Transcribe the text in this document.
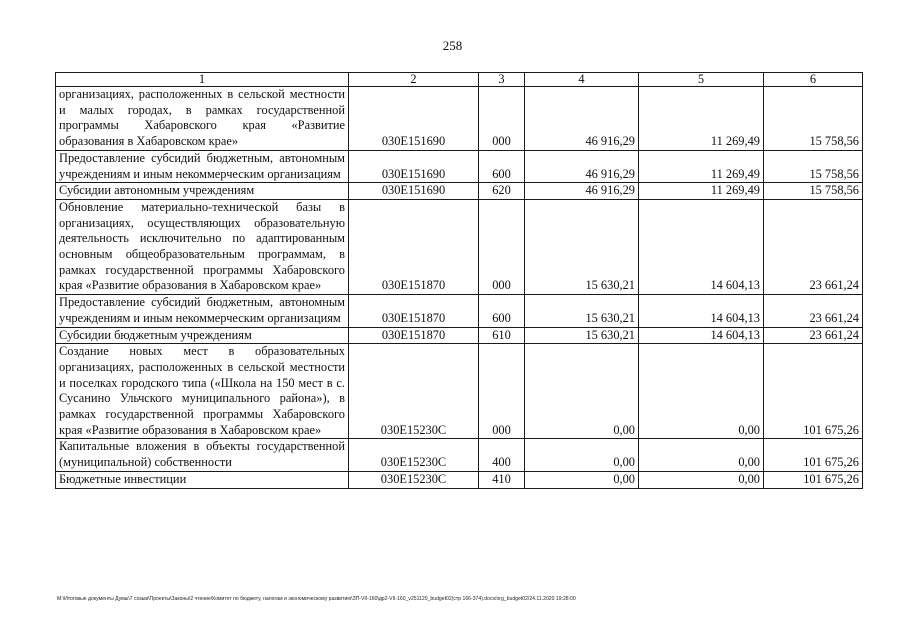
258
1	2	3	4	5	6
организациях, расположенных в сельской местности и малых городах, в рамках государственной программы Хабаровского края «Развитие образования в Хабаровском крае»	030E151690	000	46 916,29	11 269,49	15 758,56
Предоставление субсидий бюджетным, автономным учреждениям и иным некоммерческим организациям	030E151690	600	46 916,29	11 269,49	15 758,56
Субсидии автономным учреждениям	030E151690	620	46 916,29	11 269,49	15 758,56
Обновление материально-технической базы в организациях, осуществляющих образовательную деятельность исключительно по адаптированным основным общеобразовательным программам, в рамках государственной программы Хабаровского края «Развитие образования в Хабаровском крае»	030E151870	000	15 630,21	14 604,13	23 661,24
Предоставление субсидий бюджетным, автономным учреждениям и иным некоммерческим организациям	030E151870	600	15 630,21	14 604,13	23 661,24
Субсидии бюджетным учреждениям	030E151870	610	15 630,21	14 604,13	23 661,24
Создание новых мест в образовательных организациях, расположенных в сельской местности и поселках городского типа («Школа на 150 мест в с. Сусанино Ульчского муниципального района»), в рамках государственной программы Хабаровского края «Развитие образования в Хабаровском крае»	030E15230C	000	0,00	0,00	101 675,26
Капитальные вложения в объекты государственной (муниципальной) собственности	030E15230C	400	0,00	0,00	101 675,26
Бюджетные инвестиции	030E15230C	410	0,00	0,00	101 675,26
M:\Итоговые документы Думы\7 созыв\Проекты\Законы\2 чтение\Комитет по бюджету, налогам и экономическому развитию\ЗП-VII-160\др2-VII-160_v251120_budget02(стр 166-374).docx/org_budget02/24.11.2020 19:28:00
